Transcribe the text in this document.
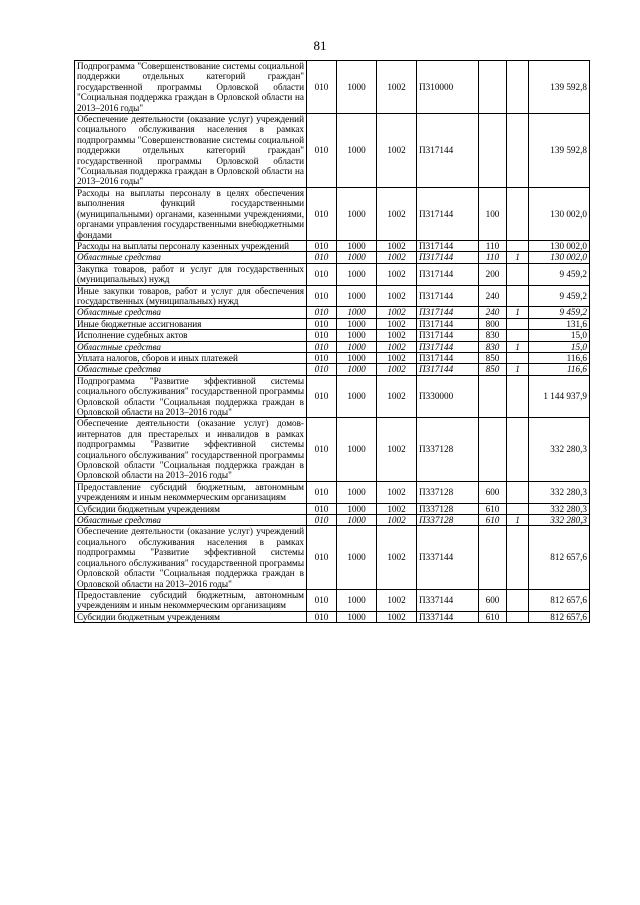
81
Подпрограмма "Совершенствование системы социальной поддержки отдельных категорий граждан" государственной программы Орловской области "Социальная поддержка граждан в Орловской области на 2013–2016 годы"	010	1000	1002	П310000			139 592,8
Обеспечение деятельности (оказание услуг) учреждений социального обслуживания населения в рамках подпрограммы "Совершенствование системы социальной поддержки отдельных категорий граждан" государственной программы Орловской области "Социальная поддержка граждан в Орловской области на 2013–2016 годы"	010	1000	1002	П317144			139 592,8
Расходы на выплаты персоналу в целях обеспечения выполнения функций государственными (муниципальными) органами, казенными учреждениями, органами управления государственными внебюджетными фондами	010	1000	1002	П317144	100		130 002,0
Расходы на выплаты персоналу казенных учреждений	010	1000	1002	П317144	110		130 002,0
Областные средства	010	1000	1002	П317144	110	1	130 002,0
Закупка товаров, работ и услуг для государственных (муниципальных) нужд	010	1000	1002	П317144	200		9 459,2
Иные закупки товаров, работ и услуг для обеспечения государственных (муниципальных) нужд	010	1000	1002	П317144	240		9 459,2
Областные средства	010	1000	1002	П317144	240	1	9 459,2
Иные бюджетные ассигнования	010	1000	1002	П317144	800		131,6
Исполнение судебных актов	010	1000	1002	П317144	830		15,0
Областные средства	010	1000	1002	П317144	830	1	15,0
Уплата налогов, сборов и иных платежей	010	1000	1002	П317144	850		116,6
Областные средства	010	1000	1002	П317144	850	1	116,6
Подпрограмма "Развитие эффективной системы социального обслуживания" государственной программы Орловской области "Социальная поддержка граждан в Орловской области на 2013–2016 годы"	010	1000	1002	П330000			1 144 937,9
Обеспечение деятельности (оказание услуг) домов-интернатов для престарелых и инвалидов в рамках подпрограммы "Развитие эффективной системы социального обслуживания" государственной программы Орловской области "Социальная поддержка граждан в Орловской области на 2013–2016 годы"	010	1000	1002	П337128			332 280,3
Предоставление субсидий бюджетным, автономным учреждениям и иным некоммерческим организациям	010	1000	1002	П337128	600		332 280,3
Субсидии бюджетным учреждениям	010	1000	1002	П337128	610		332 280,3
Областные средства	010	1000	1002	П337128	610	1	332 280,3
Обеспечение деятельности (оказание услуг) учреждений социального обслуживания населения в рамках подпрограммы "Развитие эффективной системы социального обслуживания" государственной программы Орловской области "Социальная поддержка граждан в Орловской области на 2013–2016 годы"	010	1000	1002	П337144			812 657,6
Предоставление субсидий бюджетным, автономным учреждениям и иным некоммерческим организациям	010	1000	1002	П337144	600		812 657,6
Субсидии бюджетным учреждениям	010	1000	1002	П337144	610		812 657,6
